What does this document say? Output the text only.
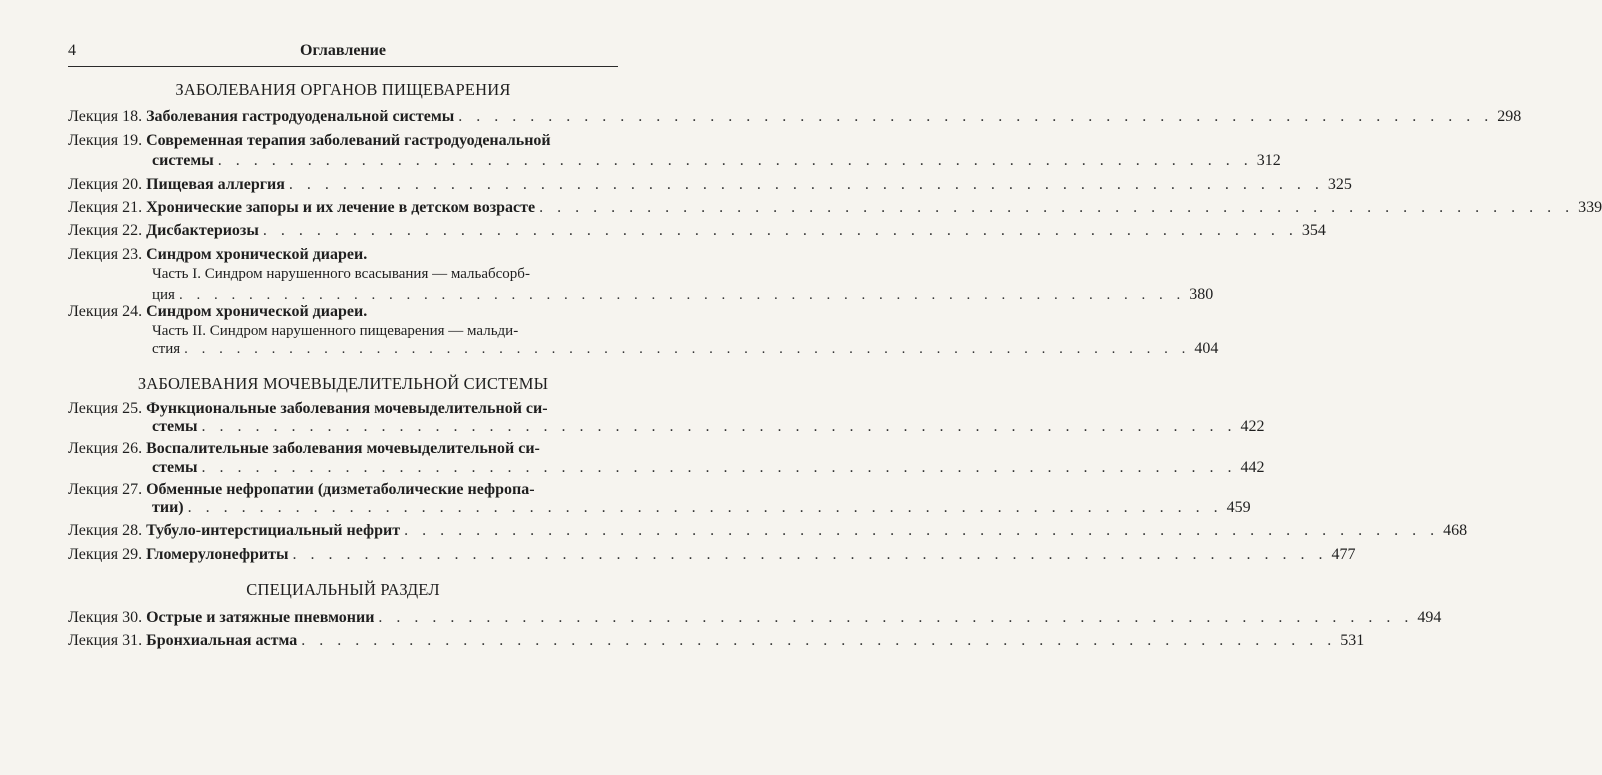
4	Оглавление
ЗАБОЛЕВАНИЯ ОРГАНОВ ПИЩЕВАРЕНИЯ
Лекция 18. Заболевания гастродуоденальной системы . . . . . . . . . . . . . . . . . . . . . . . . . . . . . . . . . . . . . . . . . . . . . . . . . . . . . . . . . . 298
Лекция 19. Современная терапия заболеваний гастродуоденальной
системы . . . . . . . . . . . . . . . . . . . . . . . . . . . . . . . . . . . . . . . . . . . . . . . . . . . . . . . . . . 312
Лекция 20. Пищевая аллергия . . . . . . . . . . . . . . . . . . . . . . . . . . . . . . . . . . . . . . . . . . . . . . . . . . . . . . . . . . 325
Лекция 21. Хронические запоры и их лечение в детском возрасте . . . . . . . . . . . . . . . . . . . . . . . . . . . . . . . . . . . . . . . . . . . . . . . . . . . . . . . . . . 339
Лекция 22. Дисбактериозы . . . . . . . . . . . . . . . . . . . . . . . . . . . . . . . . . . . . . . . . . . . . . . . . . . . . . . . . . . 354
Лекция 23. Синдром хронической диареи.
Часть I. Синдром нарушенного всасывания — мальабсорб-
ция . . . . . . . . . . . . . . . . . . . . . . . . . . . . . . . . . . . . . . . . . . . . . . . . . . . . . . . . . . 380
Лекция 24. Синдром хронической диареи.
Часть II. Синдром нарушенного пищеварения — мальди-
стия . . . . . . . . . . . . . . . . . . . . . . . . . . . . . . . . . . . . . . . . . . . . . . . . . . . . . . . . . . 404
ЗАБОЛЕВАНИЯ МОЧЕВЫДЕЛИТЕЛЬНОЙ СИСТЕМЫ
Лекция 25. Функциональные заболевания мочевыделительной си-
стемы . . . . . . . . . . . . . . . . . . . . . . . . . . . . . . . . . . . . . . . . . . . . . . . . . . . . . . . . . . 422
Лекция 26. Воспалительные заболевания мочевыделительной си-
стемы . . . . . . . . . . . . . . . . . . . . . . . . . . . . . . . . . . . . . . . . . . . . . . . . . . . . . . . . . . 442
Лекция 27. Обменные нефропатии (дизметаболические нефропа-
тии) . . . . . . . . . . . . . . . . . . . . . . . . . . . . . . . . . . . . . . . . . . . . . . . . . . . . . . . . . . 459
Лекция 28. Тубуло-интерстициальный нефрит . . . . . . . . . . . . . . . . . . . . . . . . . . . . . . . . . . . . . . . . . . . . . . . . . . . . . . . . . . 468
Лекция 29. Гломерулонефриты . . . . . . . . . . . . . . . . . . . . . . . . . . . . . . . . . . . . . . . . . . . . . . . . . . . . . . . . . . 477
СПЕЦИАЛЬНЫЙ РАЗДЕЛ
Лекция 30. Острые и затяжные пневмонии . . . . . . . . . . . . . . . . . . . . . . . . . . . . . . . . . . . . . . . . . . . . . . . . . . . . . . . . . . 494
Лекция 31. Бронхиальная астма . . . . . . . . . . . . . . . . . . . . . . . . . . . . . . . . . . . . . . . . . . . . . . . . . . . . . . . . . . 531
